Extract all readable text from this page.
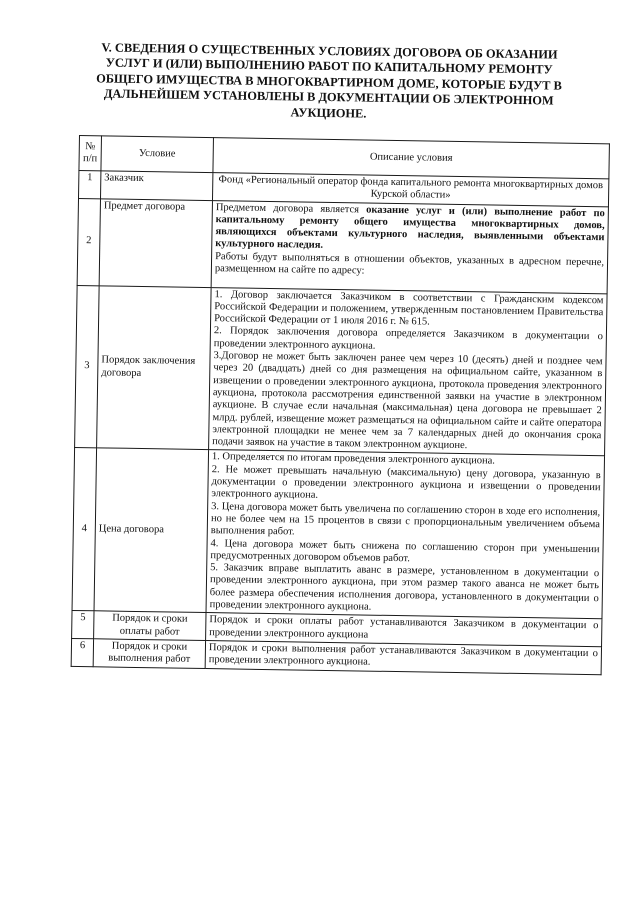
V. СВЕДЕНИЯ О СУЩЕСТВЕННЫХ УСЛОВИЯХ ДОГОВОРА ОБ ОКАЗАНИИ УСЛУГ И (ИЛИ) ВЫПОЛНЕНИЮ РАБОТ ПО КАПИТАЛЬНОМУ РЕМОНТУ ОБЩЕГО ИМУЩЕСТВА В МНОГОКВАРТИРНОМ ДОМЕ, КОТОРЫЕ БУДУТ В ДАЛЬНЕЙШЕМ УСТАНОВЛЕНЫ В ДОКУМЕНТАЦИИ ОБ ЭЛЕКТРОННОМ АУКЦИОНЕ.
№ п/п	Условие	Описание условия
1	Заказчик	Фонд «Региональный оператор фонда капитального ремонта многоквартирных домов Курской области»
2	Предмет договора	Предметом договора является оказание услуг и (или) выполнение работ по капитальному ремонту общего имущества многоквартирных домов, являющихся объектами культурного наследия, выявленными объектами культурного наследия.

Работы будут выполняться в отношении объектов, указанных в адресном перечне, размещенном на сайте по адресу:

3	Порядок заключения договора	1. Договор заключается Заказчиком в соответствии с Гражданским кодексом Российской Федерации и положением, утвержденным постановлением Правительства Российской Федерации от 1 июля 2016 г. № 615.

2. Порядок заключения договора определяется Заказчиком в документации о проведении электронного аукциона.

3.Договор не может быть заключен ранее чем через 10 (десять) дней и позднее чем через 20 (двадцать) дней со дня размещения на официальном сайте, указанном в извещении о проведении электронного аукциона, протокола проведения электронного аукциона, протокола рассмотрения единственной заявки на участие в электронном аукционе. В случае если начальная (максимальная) цена договора не превышает 2 млрд. рублей, извещение может размещаться на официальном сайте и сайте оператора электронной площадки не менее чем за 7 календарных дней до окончания срока подачи заявок на участие в таком электронном аукционе.

4	Цена договора	1. Определяется по итогам проведения электронного аукциона.

2. Не может превышать начальную (максимальную) цену договора, указанную в документации о проведении электронного аукциона и извещении о проведении электронного аукциона.

3. Цена договора может быть увеличена по соглашению сторон в ходе его исполнения, но не более чем на 15 процентов в связи с пропорциональным увеличением объема выполнения работ.

4. Цена договора может быть снижена по соглашению сторон при уменьшении предусмотренных договором объемов работ.

5. Заказчик вправе выплатить аванс в размере, установленном в документации о проведении электронного аукциона, при этом размер такого аванса не может быть более размера обеспечения исполнения договора, установленного в документации о проведении электронного аукциона.

5	Порядок и сроки оплаты работ	Порядок и сроки оплаты работ устанавливаются Заказчиком в документации о проведении электронного аукциона
6	Порядок и сроки выполнения работ	Порядок и сроки выполнения работ устанавливаются Заказчиком в документации о проведении электронного аукциона.
